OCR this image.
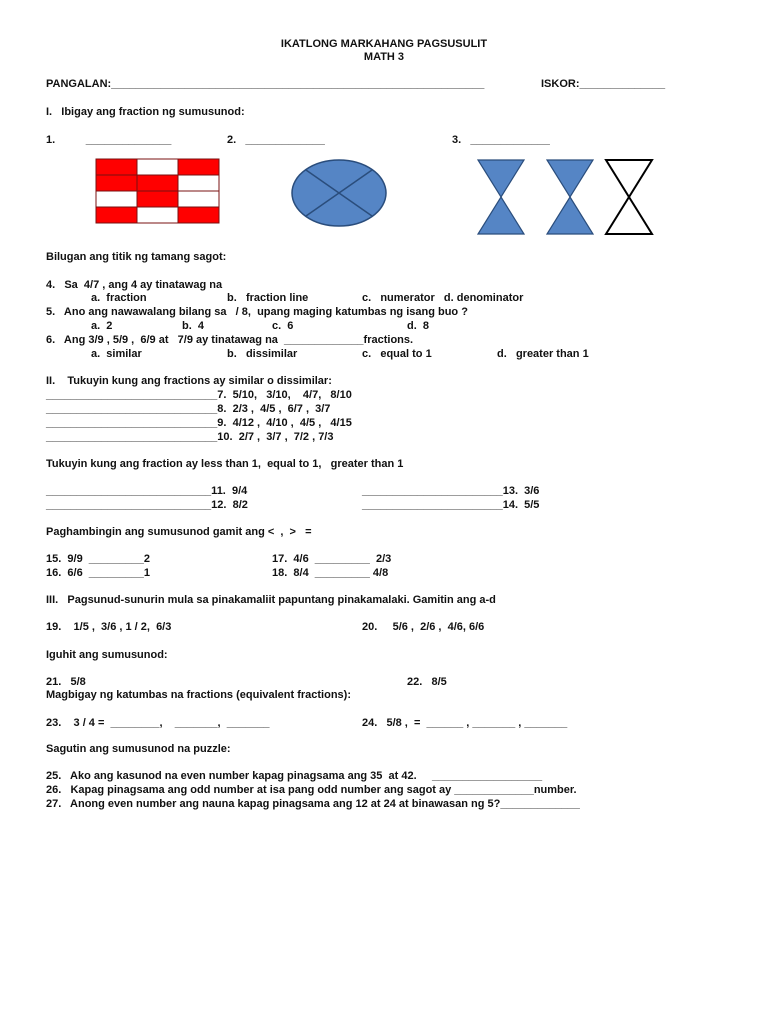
IKATLONG MARKAHANG PAGSUSULIT
MATH 3
PANGALAN:_____________________________________________________________	ISKOR:______________
I.   Ibigay ang fraction ng sumusunod:
1.          ______________	2.   _____________	3.   _____________
Bilugan ang titik ng tamang sagot:
4.   Sa  4/7 , ang 4 ay tinatawag na
a.  fraction	b.   fraction line	c.   numerator   d. denominator
5.   Ano ang nawawalang bilang sa   / 8,  upang maging katumbas ng isang buo ?
a.  2	b.  4	c.  6	d.  8
6.   Ang 3/9 , 5/9 ,  6/9 at   7/9 ay tinatawag na  _____________fractions.
a.  similar	b.   dissimilar	c.   equal to 1	d.   greater than 1
II.    Tukuyin kung ang fractions ay similar o dissimilar:
____________________________7.  5/10,   3/10,    4/7,   8/10
____________________________8.  2/3 ,  4/5 ,  6/7 ,  3/7
____________________________9.  4/12 ,  4/10 ,  4/5 ,   4/15
____________________________10.  2/7 ,  3/7 ,  7/2 , 7/3
Tukuyin kung ang fraction ay less than 1,  equal to 1,   greater than 1
___________________________11.  9/4
___________________________12.  8/2
_______________________13.  3/6
_______________________14.  5/5
Paghambingin ang sumusunod gamit ang <  ,  >   =
15.  9/9  _________2
16.  6/6  _________1
17.  4/6  _________  2/3
18.  8/4  _________ 4/8
III.   Pagsunud-sunurin mula sa pinakamaliit papuntang pinakamalaki. Gamitin ang a-d
19.    1/5 ,  3/6 , 1 / 2,  6/3	20.     5/6 ,  2/6 ,  4/6, 6/6
Iguhit ang sumusunod:
21.   5/8	22.   8/5
Magbigay ng katumbas na fractions (equivalent fractions):
23.    3 / 4 =  ________,    _______,  _______	24.   5/8 ,  =  ______ , _______ , _______
Sagutin ang sumusunod na puzzle:
25.   Ako ang kasunod na even number kapag pinagsama ang 35  at 42.     __________________
26.   Kapag pinagsama ang odd number at isa pang odd number ang sagot ay _____________number.
27.   Anong even number ang nauna kapag pinagsama ang 12 at 24 at binawasan ng 5?_____________
